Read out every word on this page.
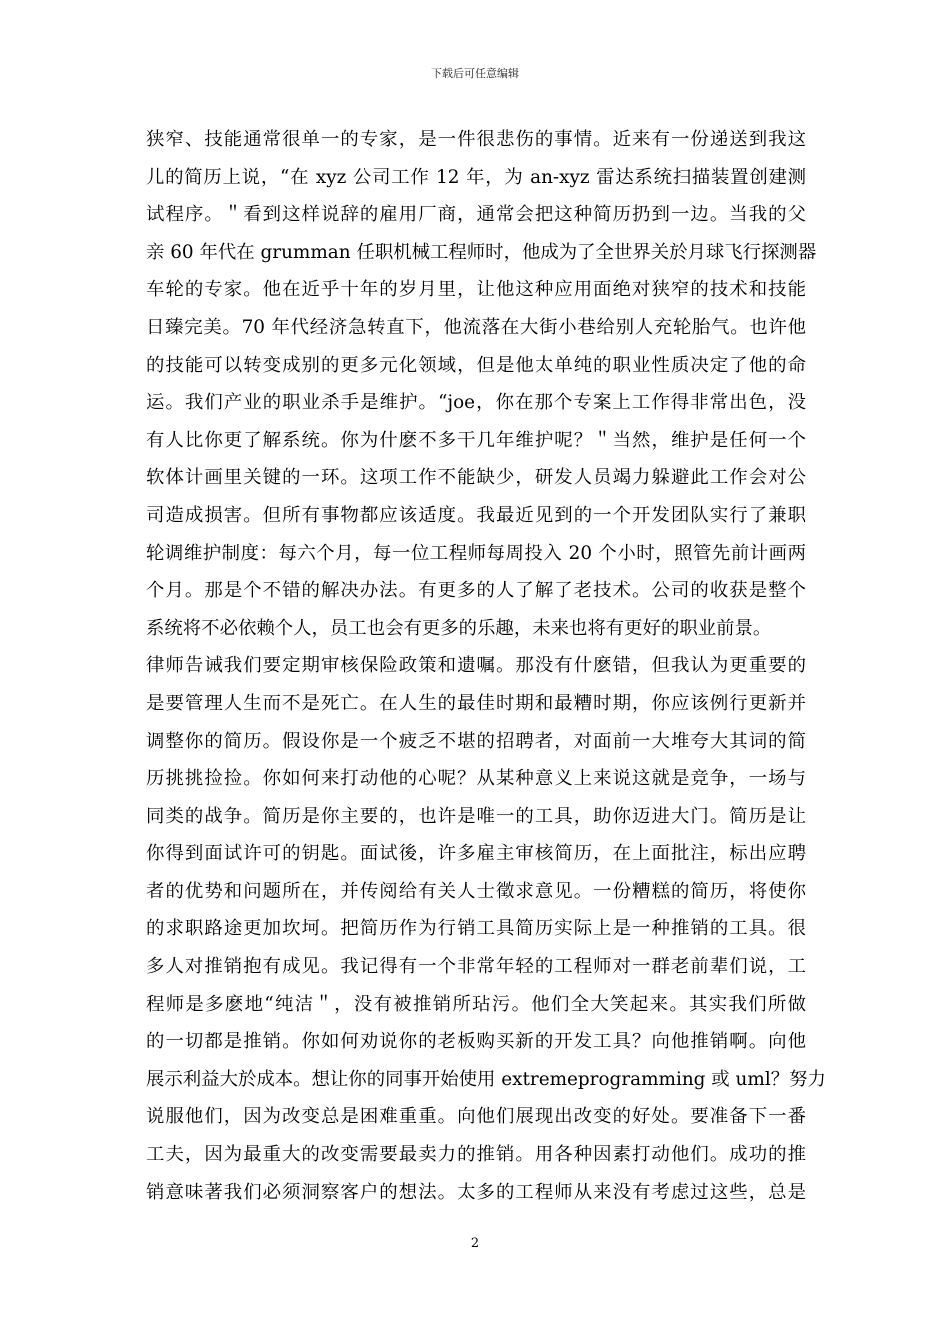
下载后可任意编辑
狭窄、技能通常很单一的专家，是一件很悲伤的事情。近来有一份递送到我这
儿的简历上说，“在 xyz 公司工作 12 年，为 an-xyz 雷达系统扫描装置创建测
试程序。＂看到这样说辞的雇用厂商，通常会把这种简历扔到一边。当我的父
亲 60 年代在 grumman 任职机械工程师时，他成为了全世界关於月球飞行探测器
车轮的专家。他在近乎十年的岁月里，让他这种应用面绝对狭窄的技术和技能
日臻完美。70 年代经济急转直下，他流落在大街小巷给别人充轮胎气。也许他
的技能可以转变成别的更多元化领域，但是他太单纯的职业性质决定了他的命
运。我们产业的职业杀手是维护。“joe，你在那个专案上工作得非常出色，没
有人比你更了解系统。你为什麽不多干几年维护呢？＂当然，维护是任何一个
软体计画里关键的一环。这项工作不能缺少，研发人员竭力躲避此工作会对公
司造成损害。但所有事物都应该适度。我最近见到的一个开发团队实行了兼职
轮调维护制度：每六个月，每一位工程师每周投入 20 个小时，照管先前计画两
个月。那是个不错的解决办法。有更多的人了解了老技术。公司的收获是整个
系统将不必依赖个人，员工也会有更多的乐趣，未来也将有更好的职业前景。
律师告诫我们要定期审核保险政策和遗嘱。那没有什麽错，但我认为更重要的
是要管理人生而不是死亡。在人生的最佳时期和最糟时期，你应该例行更新并
调整你的简历。假设你是一个疲乏不堪的招聘者，对面前一大堆夸大其词的简
历挑挑捡捡。你如何来打动他的心呢？从某种意义上来说这就是竞争，一场与
同类的战争。简历是你主要的，也许是唯一的工具，助你迈进大门。简历是让
你得到面试许可的钥匙。面试後，许多雇主审核简历，在上面批注，标出应聘
者的优势和问题所在，并传阅给有关人士徵求意见。一份糟糕的简历，将使你
的求职路途更加坎坷。把简历作为行销工具简历实际上是一种推销的工具。很
多人对推销抱有成见。我记得有一个非常年轻的工程师对一群老前辈们说，工
程师是多麽地“纯洁＂，没有被推销所玷污。他们全大笑起来。其实我们所做
的一切都是推销。你如何劝说你的老板购买新的开发工具？向他推销啊。向他
展示利益大於成本。想让你的同事开始使用 extremeprogramming 或 uml？努力
说服他们，因为改变总是困难重重。向他们展现出改变的好处。要准备下一番
工夫，因为最重大的改变需要最卖力的推销。用各种因素打动他们。成功的推
销意味著我们必须洞察客户的想法。太多的工程师从来没有考虑过这些，总是
2
